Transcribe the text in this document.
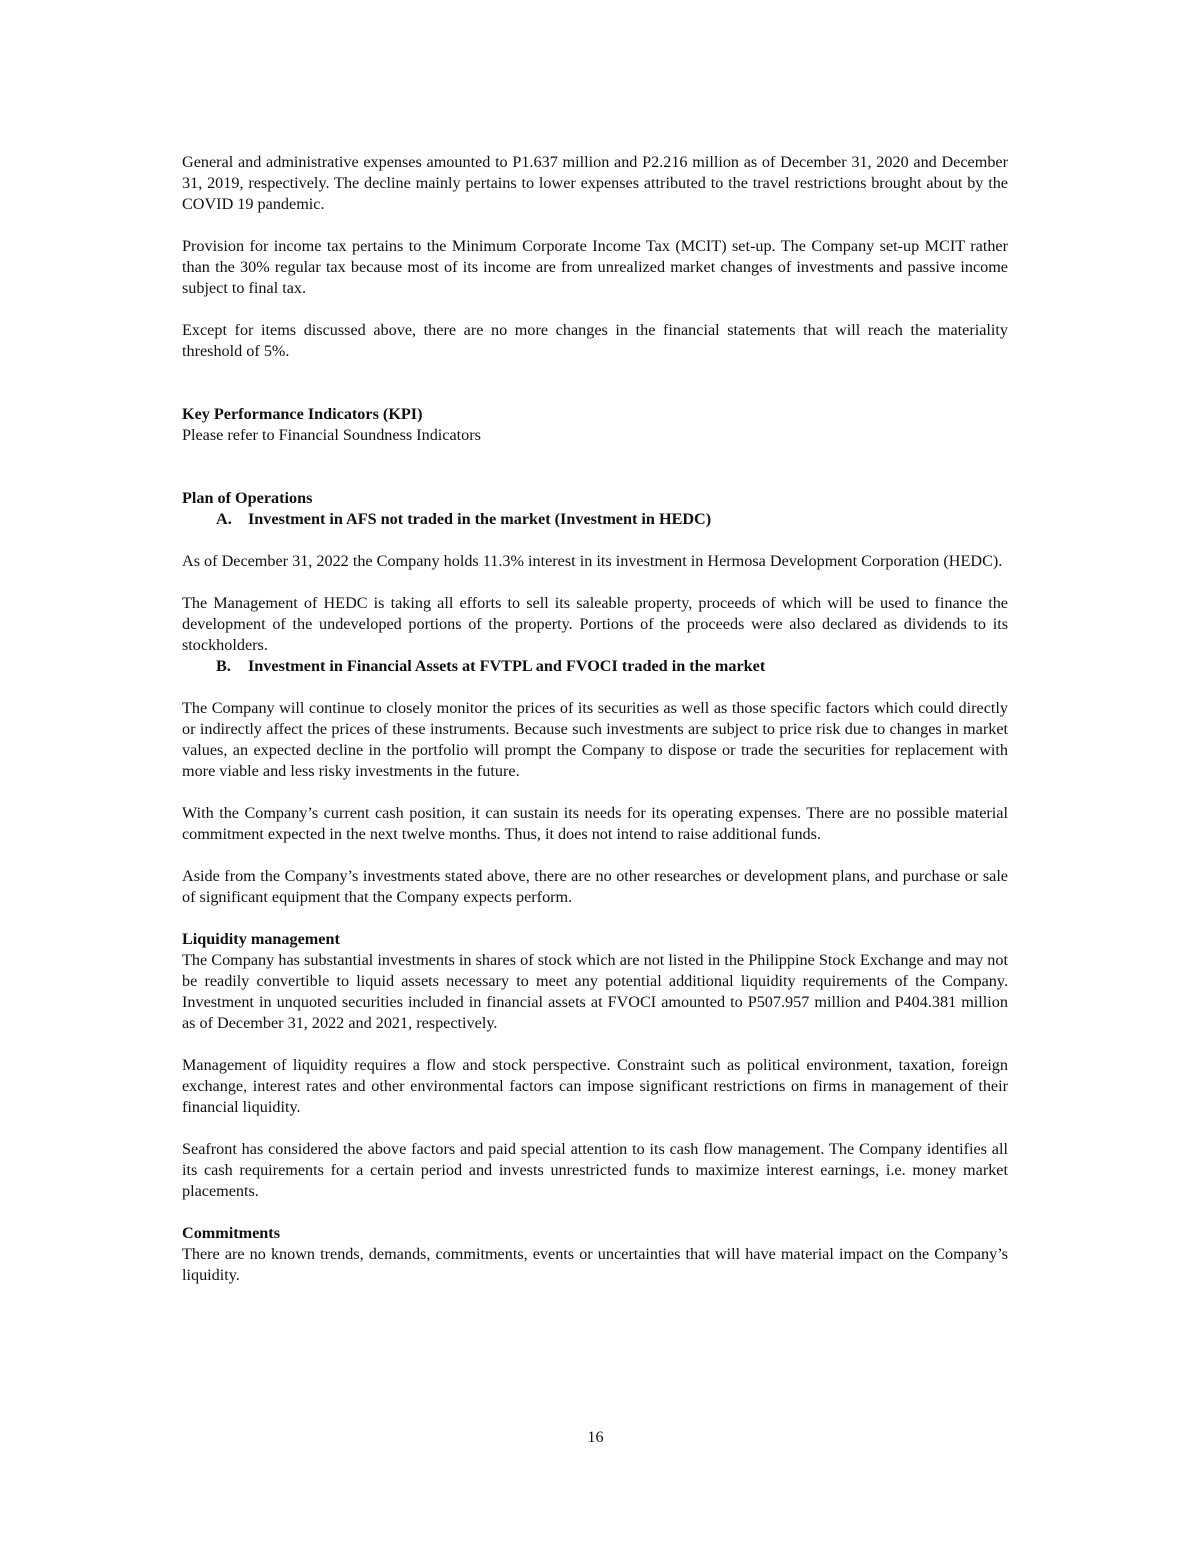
General and administrative expenses amounted to P1.637 million and P2.216 million as of December 31, 2020 and December 31, 2019, respectively. The decline mainly pertains to lower expenses attributed to the travel restrictions brought about by the COVID 19 pandemic.

Provision for income tax pertains to the Minimum Corporate Income Tax (MCIT) set-up. The Company set-up MCIT rather than the 30% regular tax because most of its income are from unrealized market changes of investments and passive income subject to final tax.

Except for items discussed above, there are no more changes in the financial statements that will reach the materiality threshold of 5%.

Key Performance Indicators (KPI)

Please refer to Financial Soundness Indicators

Plan of Operations
A. Investment in AFS not traded in the market (Investment in HEDC)

As of December 31, 2022 the Company holds 11.3% interest in its investment in Hermosa Development Corporation (HEDC).

The Management of HEDC is taking all efforts to sell its saleable property, proceeds of which will be used to finance the development of the undeveloped portions of the property. Portions of the proceeds were also declared as dividends to its stockholders.

B. Investment in Financial Assets at FVTPL and FVOCI traded in the market

The Company will continue to closely monitor the prices of its securities as well as those specific factors which could directly or indirectly affect the prices of these instruments. Because such investments are subject to price risk due to changes in market values, an expected decline in the portfolio will prompt the Company to dispose or trade the securities for replacement with more viable and less risky investments in the future.

With the Company’s current cash position, it can sustain its needs for its operating expenses. There are no possible material commitment expected in the next twelve months. Thus, it does not intend to raise additional funds.

Aside from the Company’s investments stated above, there are no other researches or development plans, and purchase or sale of significant equipment that the Company expects perform.

Liquidity management

The Company has substantial investments in shares of stock which are not listed in the Philippine Stock Exchange and may not be readily convertible to liquid assets necessary to meet any potential additional liquidity requirements of the Company. Investment in unquoted securities included in financial assets at FVOCI amounted to P507.957 million and P404.381 million as of December 31, 2022 and 2021, respectively.

Management of liquidity requires a flow and stock perspective. Constraint such as political environment, taxation, foreign exchange, interest rates and other environmental factors can impose significant restrictions on firms in management of their financial liquidity.

Seafront has considered the above factors and paid special attention to its cash flow management. The Company identifies all its cash requirements for a certain period and invests unrestricted funds to maximize interest earnings, i.e. money market placements.

Commitments

There are no known trends, demands, commitments, events or uncertainties that will have material impact on the Company’s liquidity.

16
